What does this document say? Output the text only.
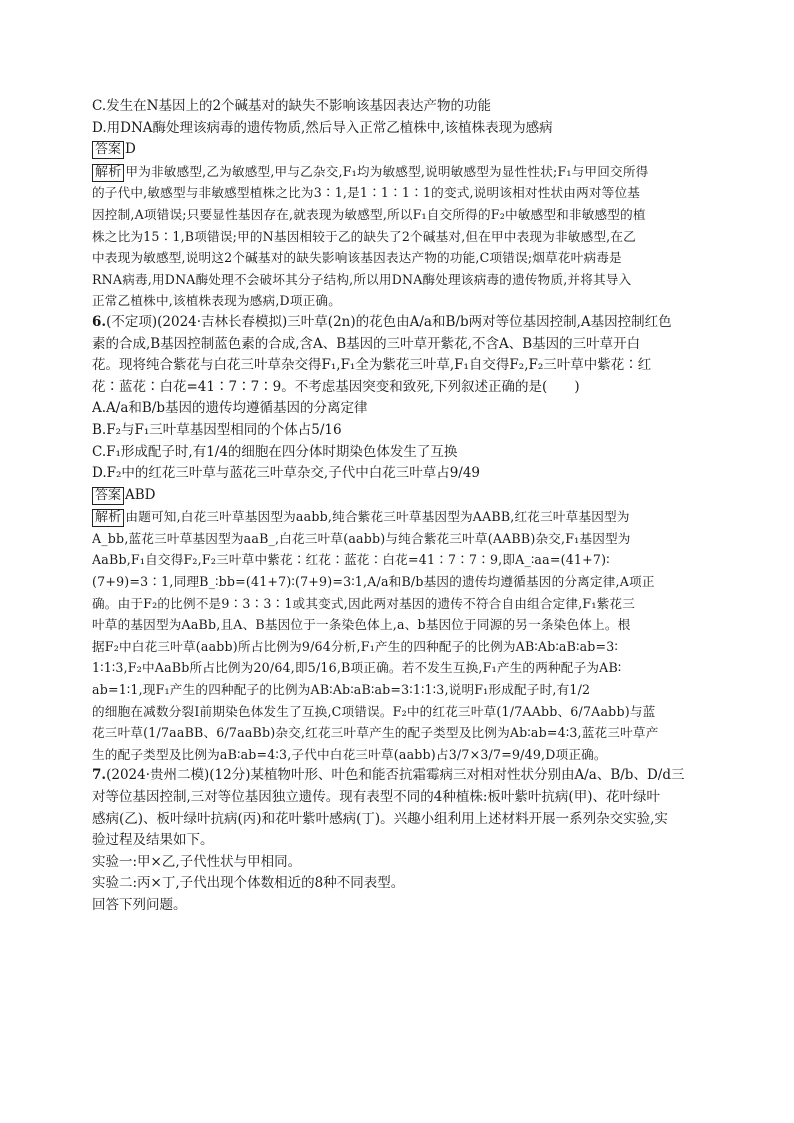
C.发生在N基因上的2个碱基对的缺失不影响该基因表达产物的功能
D.用DNA酶处理该病毒的遗传物质,然后导入正常乙植株中,该植株表现为感病
答案 D
解析 甲为非敏感型,乙为敏感型,甲与乙杂交,F₁均为敏感型,说明敏感型为显性性状;F₁与甲回交所得
的子代中,敏感型与非敏感型植株之比为3∶1,是1∶1∶1∶1的变式,说明该相对性状由两对等位基
因控制,A项错误;只要显性基因存在,就表现为敏感型,所以F₁自交所得的F₂中敏感型和非敏感型的植
株之比为15∶1,B项错误;甲的N基因相较于乙的缺失了2个碱基对,但在甲中表现为非敏感型,在乙
中表现为敏感型,说明这2个碱基对的缺失影响该基因表达产物的功能,C项错误;烟草花叶病毒是
RNA病毒,用DNA酶处理不会破坏其分子结构,所以用DNA酶处理该病毒的遗传物质,并将其导入
正常乙植株中,该植株表现为感病,D项正确。
6.(不定项)(2024·吉林长春模拟)三叶草(2n)的花色由A/a和B/b两对等位基因控制,A基因控制红色
素的合成,B基因控制蓝色素的合成,含A、B基因的三叶草开紫花,不含A、B基因的三叶草开白
花。现将纯合紫花与白花三叶草杂交得F₁,F₁全为紫花三叶草,F₁自交得F₂,F₂三叶草中紫花∶红
花∶蓝花∶白花=41∶7∶7∶9。不考虑基因突变和致死,下列叙述正确的是(　　)
A.A/a和B/b基因的遗传均遵循基因的分离定律
B.F₂与F₁三叶草基因型相同的个体占5/16
C.F₁形成配子时,有1/4的细胞在四分体时期染色体发生了互换
D.F₂中的红花三叶草与蓝花三叶草杂交,子代中白花三叶草占9/49
答案 ABD
解析 由题可知,白花三叶草基因型为aabb,纯合紫花三叶草基因型为AABB,红花三叶草基因型为
A_bb,蓝花三叶草基因型为aaB_,白花三叶草(aabb)与纯合紫花三叶草(AABB)杂交,F₁基因型为
AaBb,F₁自交得F₂,F₂三叶草中紫花∶红花∶蓝花∶白花=41∶7∶7∶9,即A_∶aa=(41+7)∶
(7+9)=3∶1,同理B_∶bb=(41+7)∶(7+9)=3∶1,A/a和B/b基因的遗传均遵循基因的分离定律,A项正
确。由于F₂的比例不是9∶3∶3∶1或其变式,因此两对基因的遗传不符合自由组合定律,F₁紫花三
叶草的基因型为AaBb,且A、B基因位于一条染色体上,a、b基因位于同源的另一条染色体上。根
据F₂中白花三叶草(aabb)所占比例为9/64分析,F₁产生的四种配子的比例为AB∶Ab∶aB∶ab=3∶
1∶1∶3,F₂中AaBb所占比例为20/64,即5/16,B项正确。若不发生互换,F₁产生的两种配子为AB∶
ab=1∶1,现F₁产生的四种配子的比例为AB∶Ab∶aB∶ab=3∶1∶1∶3,说明F₁形成配子时,有1/2
的细胞在减数分裂Ⅰ前期染色体发生了互换,C项错误。F₂中的红花三叶草(1/7AAbb、6/7Aabb)与蓝
花三叶草(1/7aaBB、6/7aaBb)杂交,红花三叶草产生的配子类型及比例为Ab∶ab=4∶3,蓝花三叶草产
生的配子类型及比例为aB∶ab=4∶3,子代中白花三叶草(aabb)占3/7×3/7=9/49,D项正确。
7.(2024·贵州二模)(12分)某植物叶形、叶色和能否抗霜霉病三对相对性状分别由A/a、B/b、D/d三
对等位基因控制,三对等位基因独立遗传。现有表型不同的4种植株:板叶紫叶抗病(甲)、花叶绿叶
感病(乙)、板叶绿叶抗病(丙)和花叶紫叶感病(丁)。兴趣小组利用上述材料开展一系列杂交实验,实
验过程及结果如下。
实验一:甲×乙,子代性状与甲相同。
实验二:丙×丁,子代出现个体数相近的8种不同表型。
回答下列问题。
